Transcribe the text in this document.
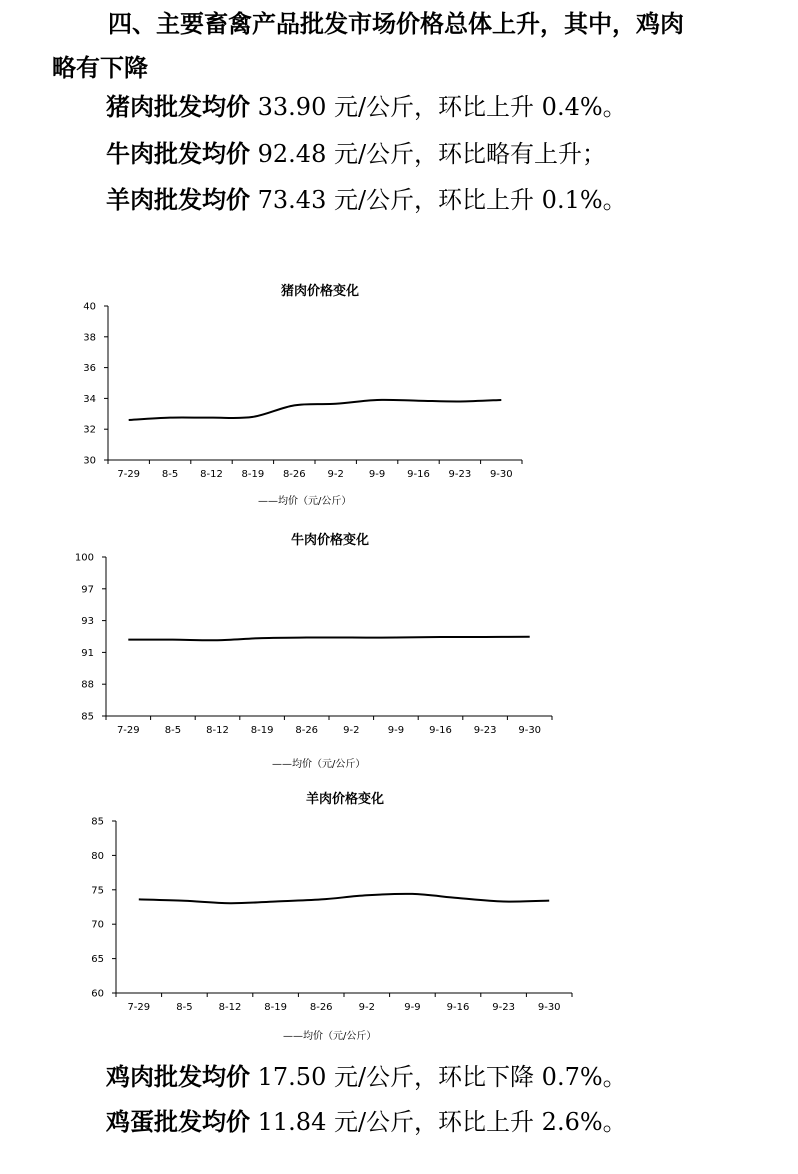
四、主要畜禽产品批发市场价格总体上升，其中，鸡肉
略有下降
猪肉批发均价 33.90 元/公斤，环比上升 0.4%。
牛肉批发均价 92.48 元/公斤，环比略有上升；
羊肉批发均价 73.43 元/公斤，环比上升 0.1%。
猪肉价格变化
30
32
34
36
38
40
7-29 8-5 8-12 8-19 8-26 9-2	9-9 9-16 9-23 9-30
——均价（元/公斤）
牛肉价格变化
85
88
91
93
97
100
7-29	8-5	8-12 8-19 8-26	9-2	9-9	9-16 9-23 9-30
——均价（元/公斤）
羊肉价格变化
60
65
70
75
80
85
7-29	8-5	8-12 8-19 8-26	9-2	9-9	9-16 9-23 9-30
——均价（元/公斤）
鸡肉批发均价 17.50 元/公斤，环比下降 0.7%。
鸡蛋批发均价 11.84 元/公斤，环比上升 2.6%。
